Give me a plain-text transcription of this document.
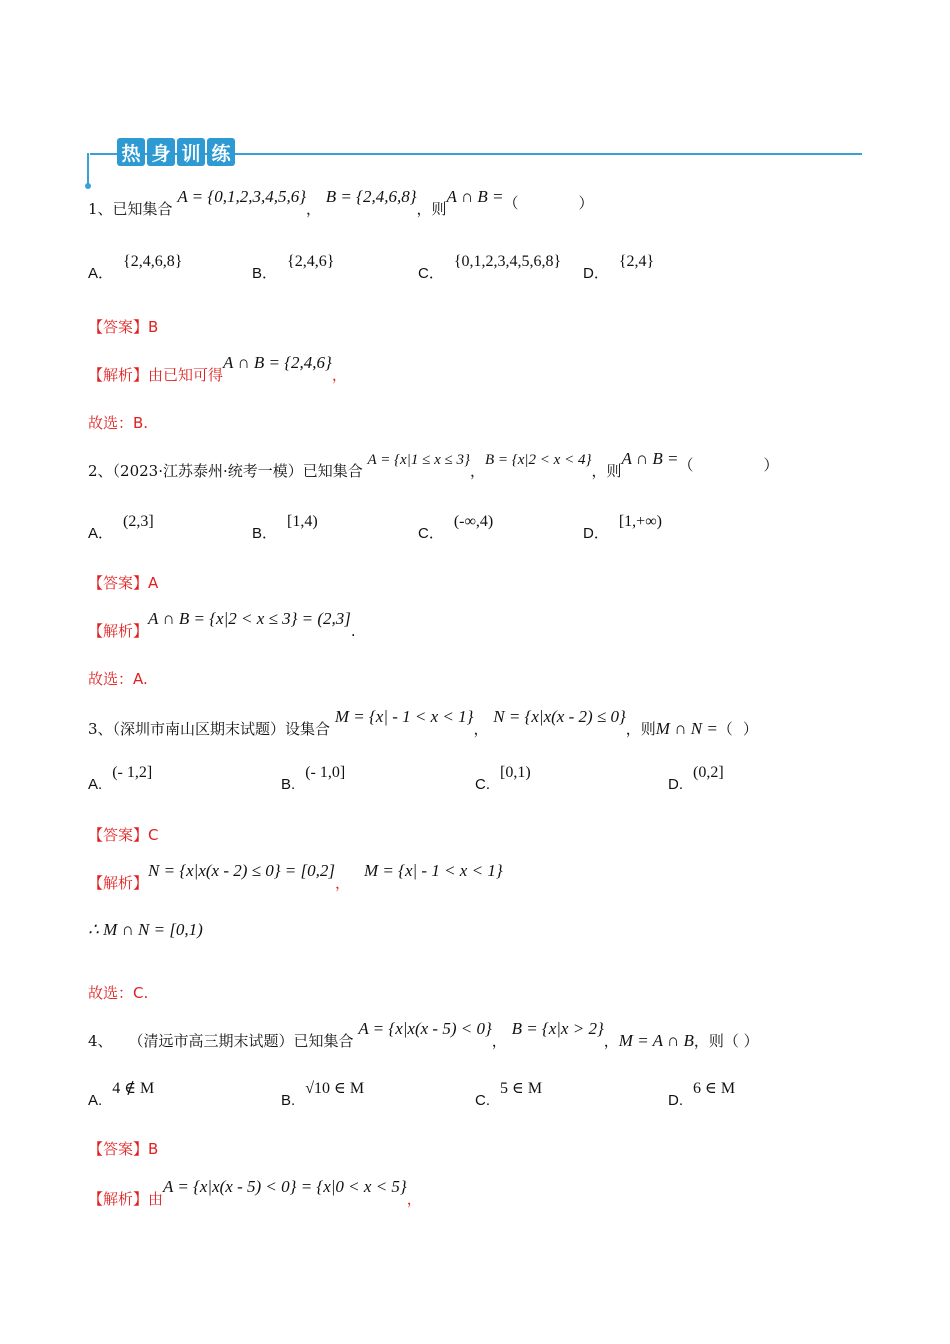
热 身 训 练
1、已知集合 A = {0,1,2,3,4,5,6}， B = {2,4,6,8}，则A ∩ B =（	）
A．{2,4,6,8}
B．{2,4,6}
C．{0,1,2,3,4,5,6,8}
D．{2,4}
【答案】B
【解析】由已知可得A ∩ B = {2,4,6}，
故选：B.
2、（2023·江苏泰州·统考一模）已知集合 A = {x|1 ≤ x ≤ 3}，B = {x|2 < x < 4}，则A ∩ B =（	）
A．(2,3]
B．[1,4)
C．(-∞,4)
D．[1,+∞)
【答案】A
【解析】A ∩ B = {x|2 < x ≤ 3} = (2,3].
故选：A.
3、（深圳市南山区期末试题）设集合 M = {x| - 1 < x < 1}， N = {x|x(x - 2) ≤ 0}，则M ∩ N =（ ）
A.(- 1,2]
B.(- 1,0]
C.[0,1)
D.(0,2]
【答案】C
【解析】N = {x|x(x - 2) ≤ 0} = [0,2]，M = {x| - 1 < x < 1}
∴ M ∩ N = [0,1)
故选：C.
4、 （清远市高三期末试题）已知集合 A = {x|x(x - 5) < 0}， B = {x|x > 2}，M = A ∩ B，则（ ）
A.4 ∉ M
B.√10 ∈ M
C.5 ∈ M
D.6 ∈ M
【答案】B
【解析】由A = {x|x(x - 5) < 0} = {x|0 < x < 5}，
